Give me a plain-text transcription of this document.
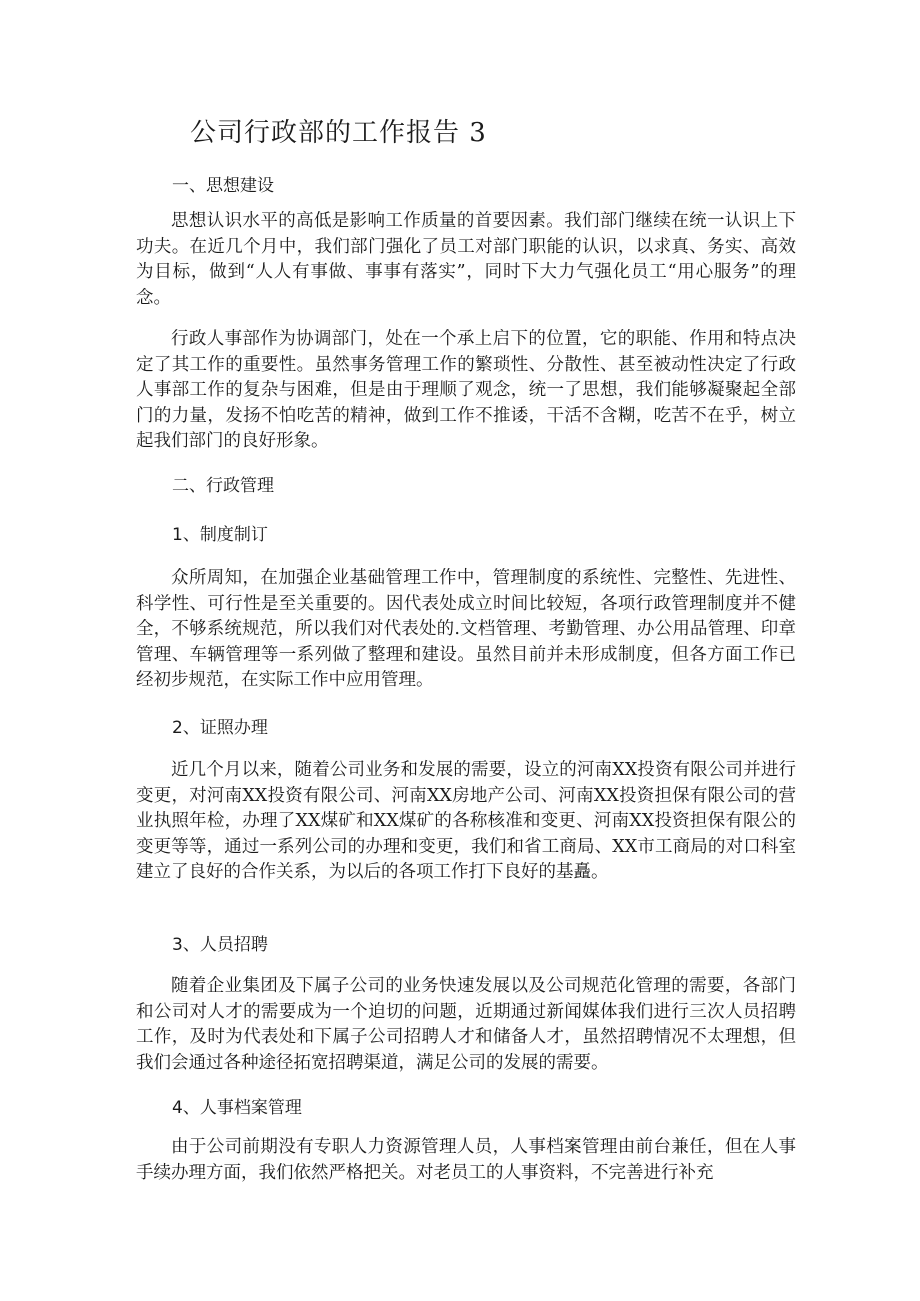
公司行政部的工作报告 3
一、思想建设

思想认识水平的高低是影响工作质量的首要因素。我们部门继续在统一认识上下功夫。在近几个月中，我们部门强化了员工对部门职能的认识，以求真、务实、高效为目标，做到“人人有事做、事事有落实”，同时下大力气强化员工“用心服务”的理念。

行政人事部作为协调部门，处在一个承上启下的位置，它的职能、作用和特点决定了其工作的重要性。虽然事务管理工作的繁琐性、分散性、甚至被动性决定了行政人事部工作的复杂与困难，但是由于理顺了观念，统一了思想，我们能够凝聚起全部门的力量，发扬不怕吃苦的精神，做到工作不推诿，干活不含糊，吃苦不在乎，树立起我们部门的良好形象。

二、行政管理
1、制度制订

众所周知，在加强企业基础管理工作中，管理制度的系统性、完整性、先进性、科学性、可行性是至关重要的。因代表处成立时间比较短，各项行政管理制度并不健全，不够系统规范，所以我们对代表处的.文档管理、考勤管理、办公用品管理、印章管理、车辆管理等一系列做了整理和建设。虽然目前并未形成制度，但各方面工作已经初步规范，在实际工作中应用管理。

2、证照办理

近几个月以来，随着公司业务和发展的需要，设立的河南XX投资有限公司并进行变更，对河南XX投资有限公司、河南XX房地产公司、河南XX投资担保有限公司的营业执照年检，办理了XX煤矿和XX煤矿的各称核准和变更、河南XX投资担保有限公的变更等等，通过一系列公司的办理和变更，我们和省工商局、XX市工商局的对口科室建立了良好的合作关系，为以后的各项工作打下良好的基矗。

3、人员招聘

随着企业集团及下属子公司的业务快速发展以及公司规范化管理的需要，各部门和公司对人才的需要成为一个迫切的问题，近期通过新闻媒体我们进行三次人员招聘工作，及时为代表处和下属子公司招聘人才和储备人才，虽然招聘情况不太理想，但我们会通过各种途径拓宽招聘渠道，满足公司的发展的需要。

4、人事档案管理

由于公司前期没有专职人力资源管理人员，人事档案管理由前台兼任，但在人事手续办理方面，我们依然严格把关。对老员工的人事资料，不完善进行补充
